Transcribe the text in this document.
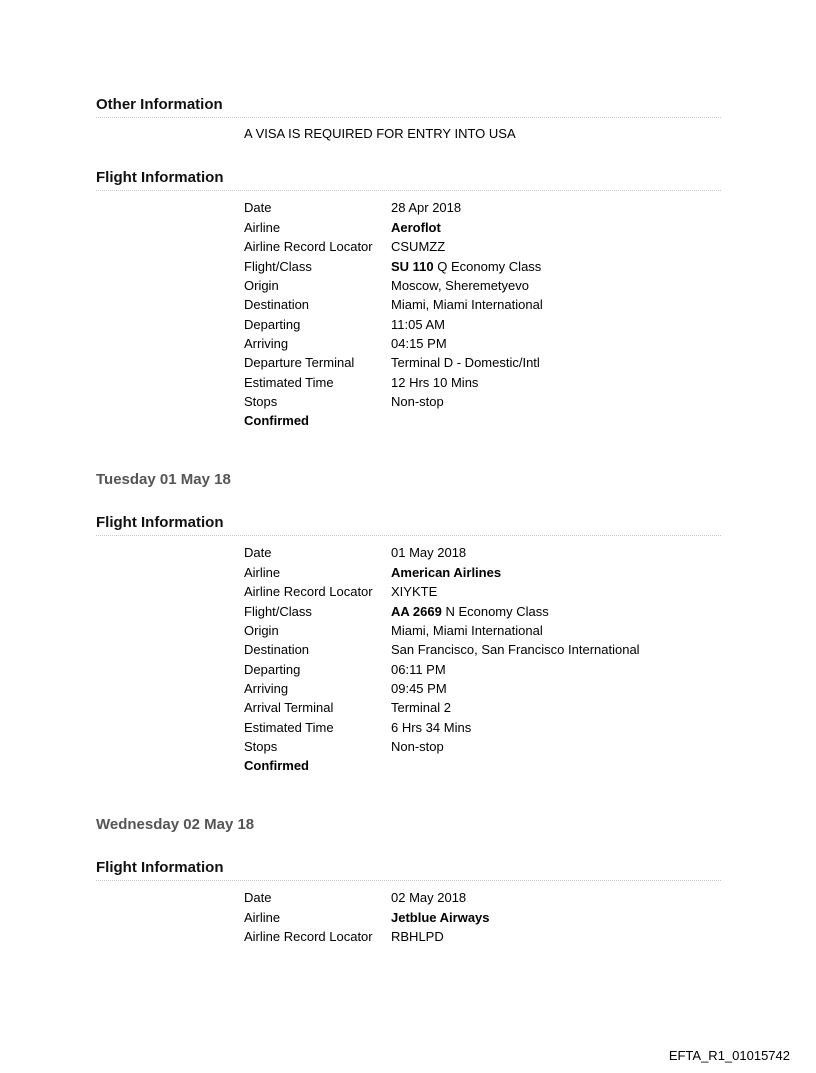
Other Information
A VISA IS REQUIRED FOR ENTRY INTO USA
Flight Information
Date	28 Apr 2018
Airline	Aeroflot
Airline Record Locator CSUMZZ
Flight/Class	SU 110 Q Economy Class
Origin	Moscow, Sheremetyevo
Destination	Miami, Miami International
Departing	11:05 AM
Arriving	04:15 PM
Departure Terminal	Terminal D - Domestic/Intl
Estimated Time	12 Hrs 10 Mins
Stops	Non-stop
Confirmed
Tuesday 01 May 18
Flight Information
Date	01 May 2018
Airline	American Airlines
Airline Record Locator XIYKTE
Flight/Class	AA 2669 N Economy Class
Origin	Miami, Miami International
Destination	San Francisco, San Francisco International
Departing	06:11 PM
Arriving	09:45 PM
Arrival Terminal	Terminal 2
Estimated Time	6 Hrs 34 Mins
Stops	Non-stop
Confirmed
Wednesday 02 May 18
Flight Information
Date	02 May 2018
Airline	Jetblue Airways
Airline Record Locator RBHLPD
EFTA_R1_01015742
